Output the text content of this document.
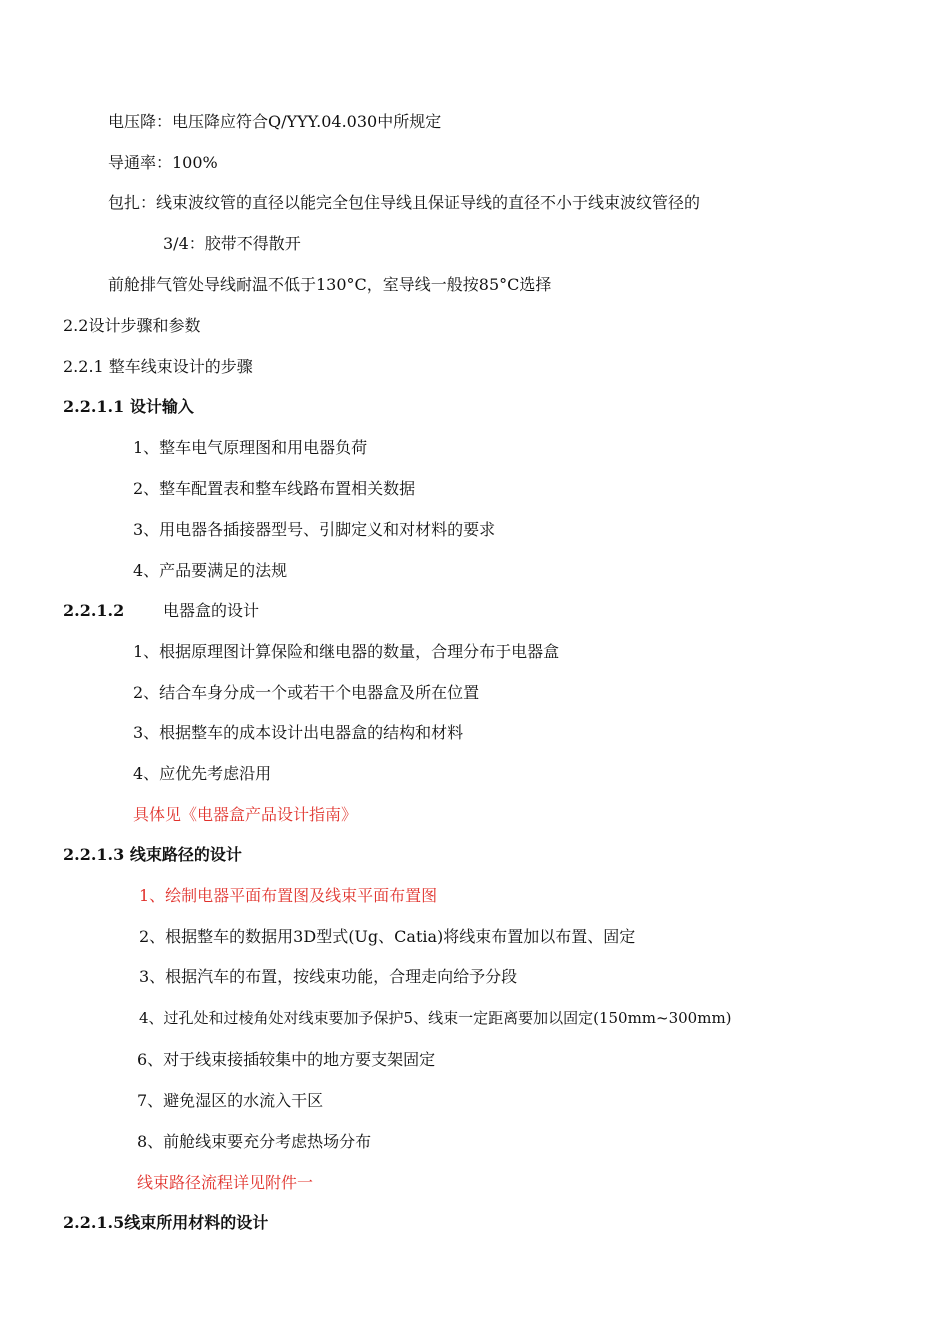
电压降：电压降应符合Q/YYY.04.030中所规定
导通率：100%
包扎：线束波纹管的直径以能完全包住导线且保证导线的直径不小于线束波纹管径的
3/4：胶带不得散开
前舱排气管处导线耐温不低于130°C，室导线一般按85°C选择
2.2设计步骤和参数
2.2.1 整车线束设计的步骤
2.2.1.1 设计输入
1、整车电气原理图和用电器负荷
2、整车配置表和整车线路布置相关数据
3、用电器各插接器型号、引脚定义和对材料的要求
4、产品要满足的法规
2.2.1.2 电器盒的设计
1、根据原理图计算保险和继电器的数量，合理分布于电器盒
2、结合车身分成一个或若干个电器盒及所在位置
3、根据整车的成本设计出电器盒的结构和材料
4、应优先考虑沿用
具体见《电器盒产品设计指南》
2.2.1.3 线束路径的设计
1、绘制电器平面布置图及线束平面布置图
2、根据整车的数据用3D型式(Ug、Catia)将线束布置加以布置、固定
3、根据汽车的布置，按线束功能，合理走向给予分段
4、过孔处和过棱角处对线束要加予保护5、线束一定距离要加以固定(150mm~300mm)
6、对于线束接插较集中的地方要支架固定
7、避免湿区的水流入干区
8、前舱线束要充分考虑热场分布
线束路径流程详见附件一
2.2.1.5线束所用材料的设计
